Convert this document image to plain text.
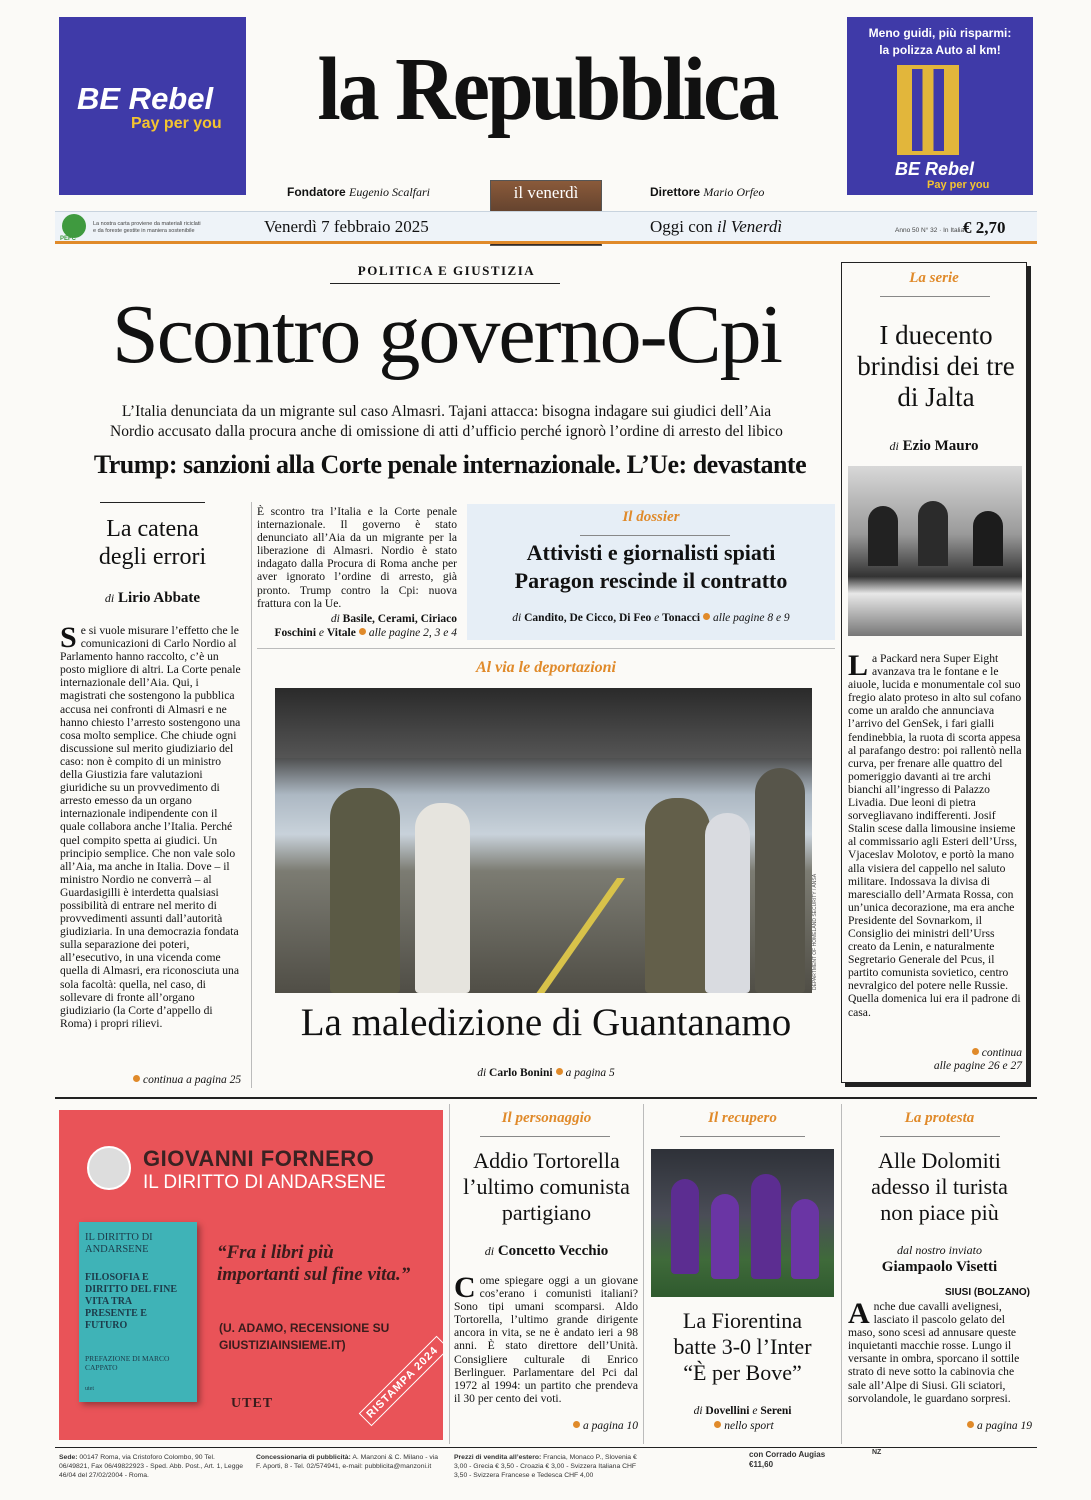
BE Rebel
Pay per you
Meno guidi, più risparmi:
la polizza Auto al km!
BE Rebel
Pay per you
la Repubblica
Fondatore Eugenio Scalfari	Direttore Mario Orfeo
il venerdì
PEFC
La nostra carta proviene da materiali riciclati e da foreste gestite in maniera sostenibile	Venerdì 7 febbraio 2025	Oggi con il Venerdì	Anno 50 N° 32 · In Italia
€ 2,70
POLITICA E GIUSTIZIA
Scontro governo-Cpi
L’Italia denunciata da un migrante sul caso Almasri. Tajani attacca: bisogna indagare sui giudici dell’Aia
Nordio accusato dalla procura anche di omissione di atti d’ufficio perché ignorò l’ordine di arresto del libico
Trump: sanzioni alla Corte penale internazionale. L’Ue: devastante
La catena degli errori
di Lirio Abbate
Se si vuole misurare l’effetto che le comunicazioni di Carlo Nordio al Parlamento hanno raccolto, c’è un posto migliore di altri. La Corte penale internazionale dell’Aia. Qui, i magistrati che sostengono la pubblica accusa nei confronti di Almasri e ne hanno chiesto l’arresto sostengono una cosa molto semplice. Che chiude ogni discussione sul merito giudiziario del caso: non è compito di un ministro della Giustizia fare valutazioni giuridiche su un provvedimento di arresto emesso da un organo internazionale indipendente con il quale collabora anche l’Italia. Perché quel compito spetta ai giudici. Un principio semplice. Che non vale solo all’Aia, ma anche in Italia. Dove – il ministro Nordio ne converrà – al Guardasigilli è interdetta qualsiasi possibilità di entrare nel merito di provvedimenti assunti dall’autorità giudiziaria. In una democrazia fondata sulla separazione dei poteri, all’esecutivo, in una vicenda come quella di Almasri, era riconosciuta una sola facoltà: quella, nel caso, di sollevare di fronte all’organo giudiziario (la Corte d’appello di Roma) i propri rilievi.
continua a pagina 25
È scontro tra l’Italia e la Corte penale internazionale. Il governo è stato denunciato all’Aia da un migrante per la liberazione di Almasri. Nordio è stato indagato dalla Procura di Roma anche per aver ignorato l’ordine di arresto, già pronto. Trump contro la Cpi: nuova frattura con la Ue.
di Basile, Cerami, Ciriaco
Foschini e Vitale alle pagine 2, 3 e 4
Il dossier
Attivisti e giornalisti spiati
Paragon rescinde il contratto
di Candito, De Cicco, Di Feo e Tonacci alle pagine 8 e 9
Al via le deportazioni
DEPARTMENT OF HOMELAND SECURITY / ANSA
La maledizione di Guantanamo
di Carlo Bonini a pagina 5
La serie
I duecento brindisi dei tre di Jalta
di Ezio Mauro
La Packard nera Super Eight avanzava tra le fontane e le aiuole, lucida e monumentale col suo fregio alato proteso in alto sul cofano come un araldo che annunciava l’arrivo del GenSek, i fari gialli fendinebbia, la ruota di scorta appesa al parafango destro: poi rallentò nella curva, per frenare alle quattro del pomeriggio davanti ai tre archi bianchi all’ingresso di Palazzo Livadia. Due leoni di pietra sorvegliavano indifferenti. Josif Stalin scese dalla limousine insieme al commissario agli Esteri dell’Urss, Vjaceslav Molotov, e portò la mano alla visiera del cappello nel saluto militare. Indossava la divisa di maresciallo dell’Armata Rossa, con un’unica decorazione, ma era anche Presidente del Sovnarkom, il Consiglio dei ministri dell’Urss creato da Lenin, e naturalmente Segretario Generale del Pcus, il partito comunista sovietico, centro nevralgico del potere nelle Russie. Quella domenica lui era il padrone di casa.
continua
alle pagine 26 e 27
GIOVANNI FORNERO
IL DIRITTO DI ANDARSENE
IL DIRITTO DI ANDARSENE
FILOSOFIA E DIRITTO DEL FINE VITA TRA PRESENTE E FUTURO
PREFAZIONE DI MARCO CAPPATO
utet
“Fra i libri più importanti sul fine vita.”
(U. ADAMO, RECENSIONE SU GIUSTIZIAINSIEME.IT)
UTET	RISTAMPA 2024
Il personaggio
Addio Tortorella l’ultimo comunista partigiano
di Concetto Vecchio
Come spiegare oggi a un giovane cos’erano i comunisti italiani? Sono tipi umani scomparsi. Aldo Tortorella, l’ultimo grande dirigente ancora in vita, se ne è andato ieri a 98 anni. È stato direttore dell’Unità. Consigliere culturale di Enrico Berlinguer. Parlamentare del Pci dal 1972 al 1994: un partito che prendeva il 30 per cento dei voti.
a pagina 10
Il recupero
La Fiorentina
batte 3-0 l’Inter
“È per Bove”
di Dovellini e Sereni
nello sport
La protesta
Alle Dolomiti adesso il turista non piace più
dal nostro inviato
Giampaolo Visetti
SIUSI (BOLZANO)
Anche due cavalli avelignesi, lasciato il pascolo gelato del maso, sono scesi ad annusare queste inquietanti macchie rosse. Lungo il versante in ombra, sporcano il sottile strato di neve sotto la cabinovia che sale all’Alpe di Siusi. Gli sciatori, sorvolandole, le guardano sorpresi.
a pagina 19
Sede: 00147 Roma, via Cristoforo Colombo, 90 Tel. 06/49821, Fax 06/49822923 - Sped. Abb. Post., Art. 1, Legge 46/04 del 27/02/2004 - Roma.
Concessionaria di pubblicità: A. Manzoni & C. Milano - via F. Aporti, 8 - Tel. 02/574941, e-mail: pubblicita@manzoni.it
Prezzi di vendita all’estero: Francia, Monaco P., Slovenia € 3,00 - Grecia € 3,50 - Croazia € 3,00 - Svizzera Italiana CHF 3,50 - Svizzera Francese e Tedesca CHF 4,00
con Corrado Augias €11,60
NZ
